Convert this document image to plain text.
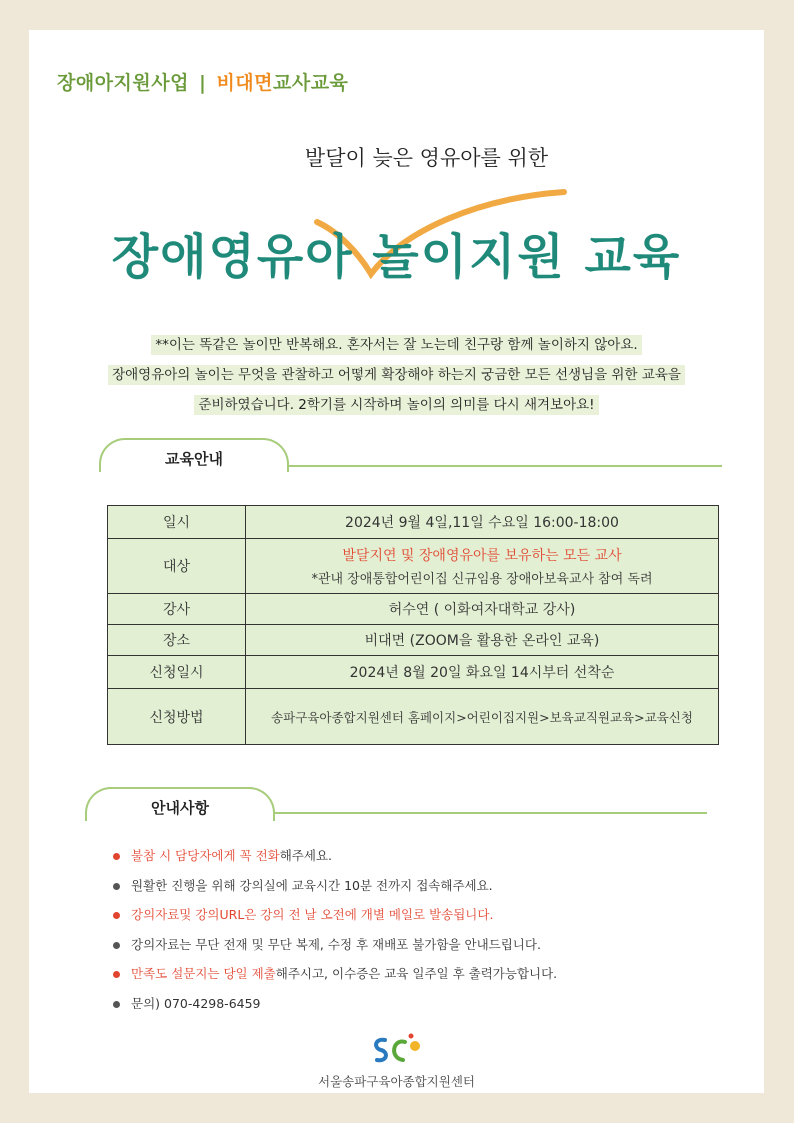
장애아지원사업 | 비대면교사교육
발달이 늦은 영유아를 위한
장애영유아 놀이지원 교육
**이는 똑같은 놀이만 반복해요. 혼자서는 잘 노는데 친구랑 함께 놀이하지 않아요.
장애영유아의 놀이는 무엇을 관찰하고 어떻게 확장해야 하는지 궁금한 모든 선생님을 위한 교육을
준비하였습니다. 2학기를 시작하며 놀이의 의미를 다시 새겨보아요!
교육안내
일시	2024년 9월 4일,11일 수요일 16:00-18:00
대상	발달지연 및 장애영유아를 보유하는 모든 교사
*관내 장애통합어린이집 신규임용 장애아보육교사 참여 독려

강사	허수연 ( 이화여자대학교 강사)
장소	비대면 (ZOOM을 활용한 온라인 교육)
신청일시	2024년 8월 20일 화요일 14시부터 선착순
신청방법	송파구육아종합지원센터 홈페이지>어린이집지원>보육교직원교육>교육신청
안내사항
불참 시 담당자에게 꼭 전화해주세요.
원활한 진행을 위해 강의실에 교육시간 10분 전까지 접속해주세요.
강의자료및 강의URL은 강의 전 날 오전에 개별 메일로 발송됩니다.
강의자료는 무단 전재 및 무단 복제, 수정 후 재배포 불가함을 안내드립니다.
만족도 설문지는 당일 제출해주시고, 이수증은 교육 일주일 후 출력가능합니다.
문의) 070-4298-6459
서울송파구육아종합지원센터
